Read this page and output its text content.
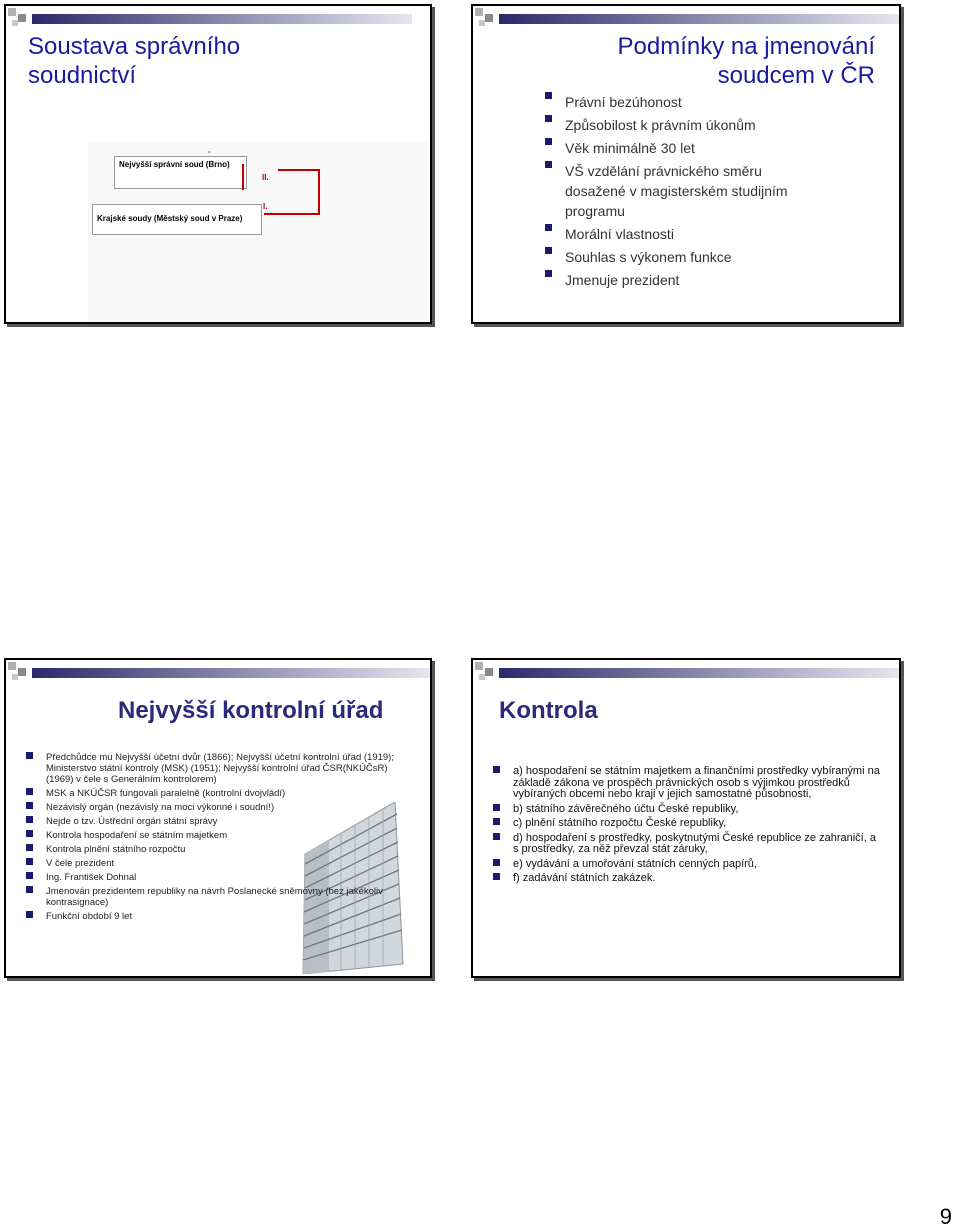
Soustava správního soudnictví
-
Nejvyšší správní soud (Brno)
Krajské soudy (Městský soud v Praze)
II.
I.
Podmínky na jmenování
soudcem v ČR
Právní bezúhonost
Způsobilost k právním úkonům
Věk minimálně 30 let
VŠ vzdělání právnického směru dosažené v magisterském studijním programu
Morální vlastnosti
Souhlas s výkonem funkce
Jmenuje prezident
Nejvyšší kontrolní úřad
Předchůdce mu Nejvyšší účetní dvůr (1866); Nejvyšší účetní kontrolní úřad (1919); Ministerstvo státní kontroly (MSK) (1951); Nejvyšší kontrolní úřad ČSR(NKÚČsR) (1969) v čele s Generálním kontrolorem)
MSK a NKÚČSR fungovali paralelně (kontrolní dvojvládí)
Nezávislý orgán (nezávislý na moci výkonné i soudní!)
Nejde o tzv. Ústřední orgán státní správy
Kontrola hospodaření se státním majetkem
Kontrola plnění státního rozpočtu
V čele prezident
Ing. František Dohnal
Jmenován prezidentem republiky na návrh Poslanecké sněmovny (bez jakékoliv kontrasignace)
Funkční období 9 let
Kontrola
a) hospodaření se státním majetkem a finančními prostředky vybíranými na základě zákona ve prospěch právnických osob s výjimkou prostředků vybíraných obcemi nebo kraji v jejich samostatné působnosti,
b) státního závěrečného účtu České republiky,
c) plnění státního rozpočtu České republiky,
d) hospodaření s prostředky, poskytnutými České republice ze zahraničí, a s prostředky, za něž převzal stát záruky,
e) vydávání a umořování státních cenných papírů,
f) zadávání státních zakázek.
9
